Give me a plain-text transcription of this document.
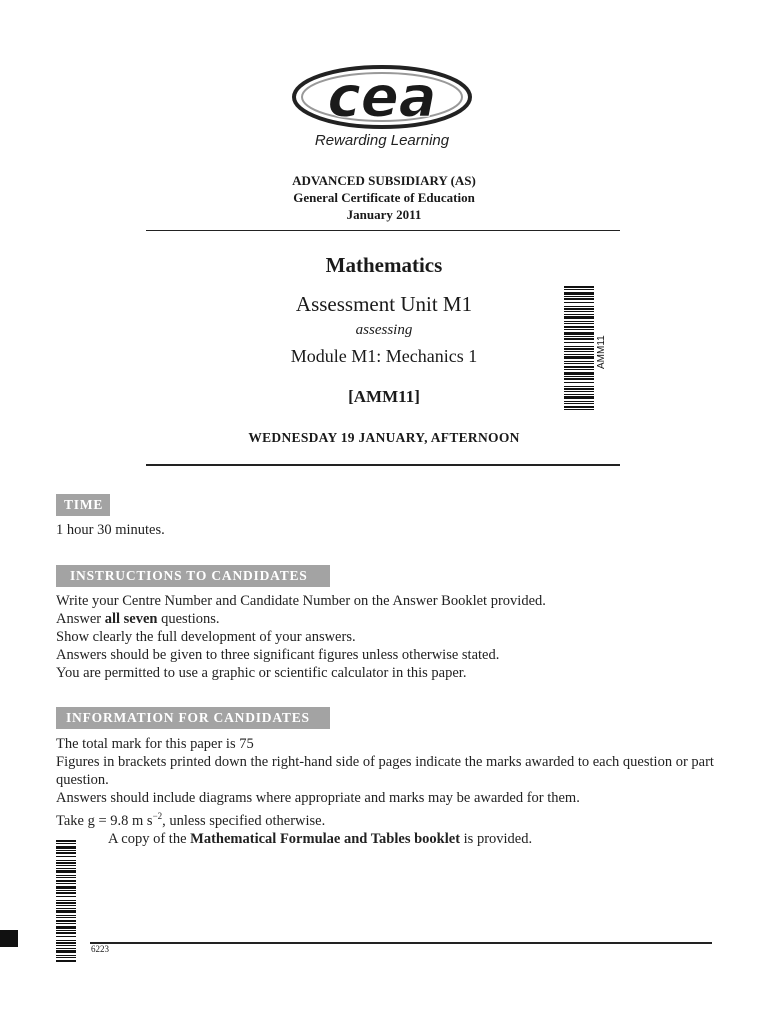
cea
Rewarding Learning
ADVANCED SUBSIDIARY (AS)
General Certificate of Education
January 2011
Mathematics
Assessment Unit M1
assessing
Module M1: Mechanics 1
[AMM11]
WEDNESDAY 19 JANUARY, AFTERNOON
AMM11
TIME
1 hour 30 minutes.
INSTRUCTIONS TO CANDIDATES

Write your Centre Number and Candidate Number on the Answer Booklet provided.

Answer all seven questions.

Show clearly the full development of your answers.

Answers should be given to three significant figures unless otherwise stated.

You are permitted to use a graphic or scientific calculator in this paper.

INFORMATION FOR CANDIDATES

The total mark for this paper is 75

Figures in brackets printed down the right-hand side of pages indicate the marks awarded to each question or part question.

Answers should include diagrams where appropriate and marks may be awarded for them.

Take g = 9.8 m $s^{-2}$, unless specified otherwise.

A copy of the Mathematical Formulae and Tables booklet is provided.

6223
